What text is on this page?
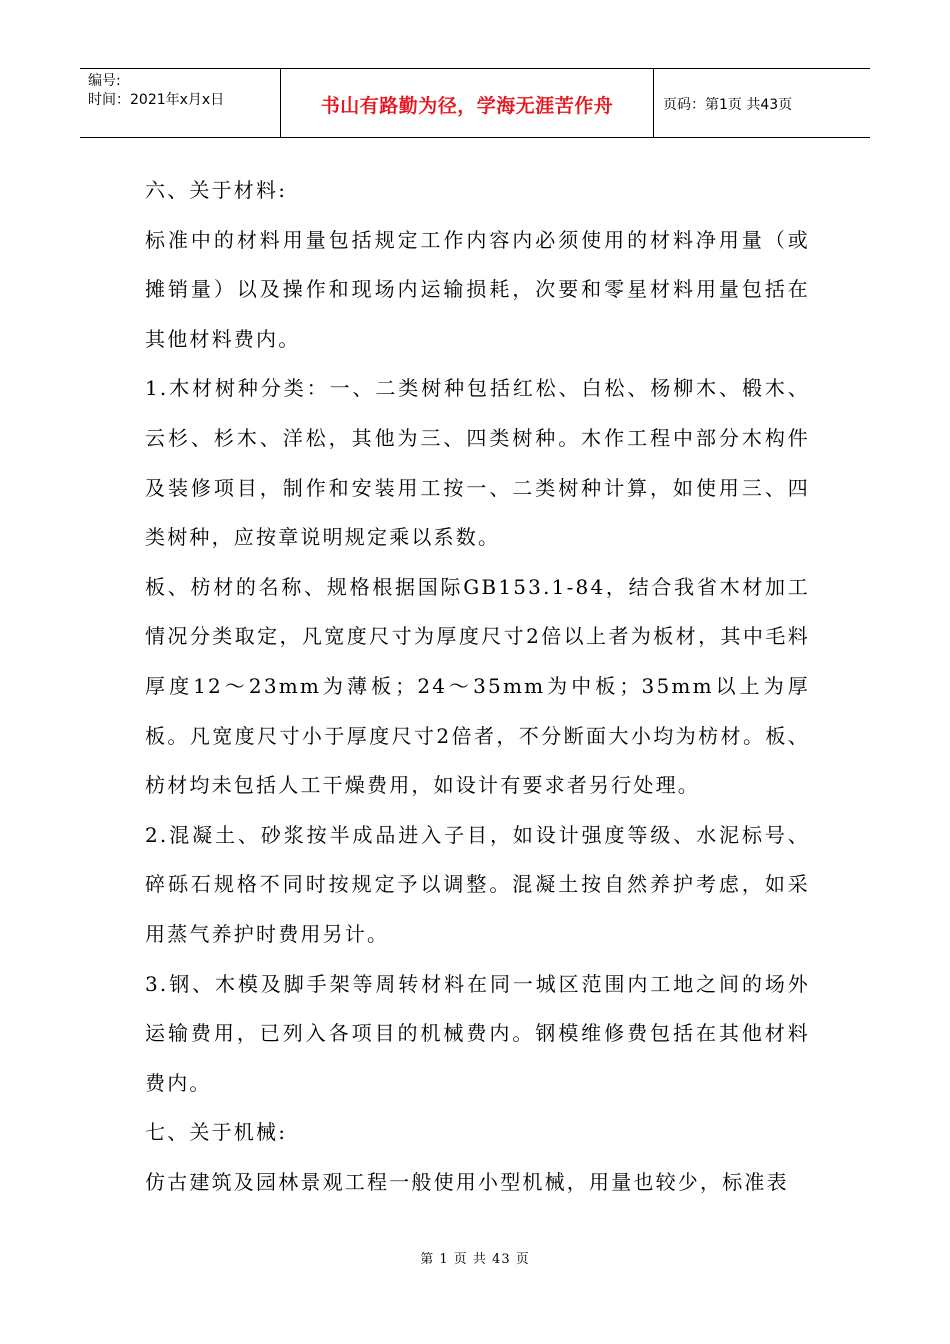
编号:
时间：2021年x月x日	书山有路勤为径，学海无涯苦作舟	页码：第1页 共43页

六、关于材料:

标准中的材料用量包括规定工作内容内必须使用的材料净用量（或摊销量）以及操作和现场内运输损耗，次要和零星材料用量包括在其他材料费内。

1.木材树种分类：一、二类树种包括红松、白松、杨柳木、椴木、云杉、杉木、洋松，其他为三、四类树种。木作工程中部分木构件及装修项目，制作和安装用工按一、二类树种计算，如使用三、四类树种，应按章说明规定乘以系数。

板、枋材的名称、规格根据国际GB153.1-84，结合我省木材加工情况分类取定，凡宽度尺寸为厚度尺寸2倍以上者为板材，其中毛料厚度12～23mm为薄板；24～35mm为中板；35mm以上为厚板。凡宽度尺寸小于厚度尺寸2倍者，不分断面大小均为枋材。板、枋材均未包括人工干燥费用，如设计有要求者另行处理。

2.混凝土、砂浆按半成品进入子目，如设计强度等级、水泥标号、碎砾石规格不同时按规定予以调整。混凝土按自然养护考虑，如采用蒸气养护时费用另计。

3.钢、木模及脚手架等周转材料在同一城区范围内工地之间的场外运输费用，已列入各项目的机械费内。钢模维修费包括在其他材料费内。

七、关于机械:

仿古建筑及园林景观工程一般使用小型机械，用量也较少，标准表

第 1 页 共 43 页
